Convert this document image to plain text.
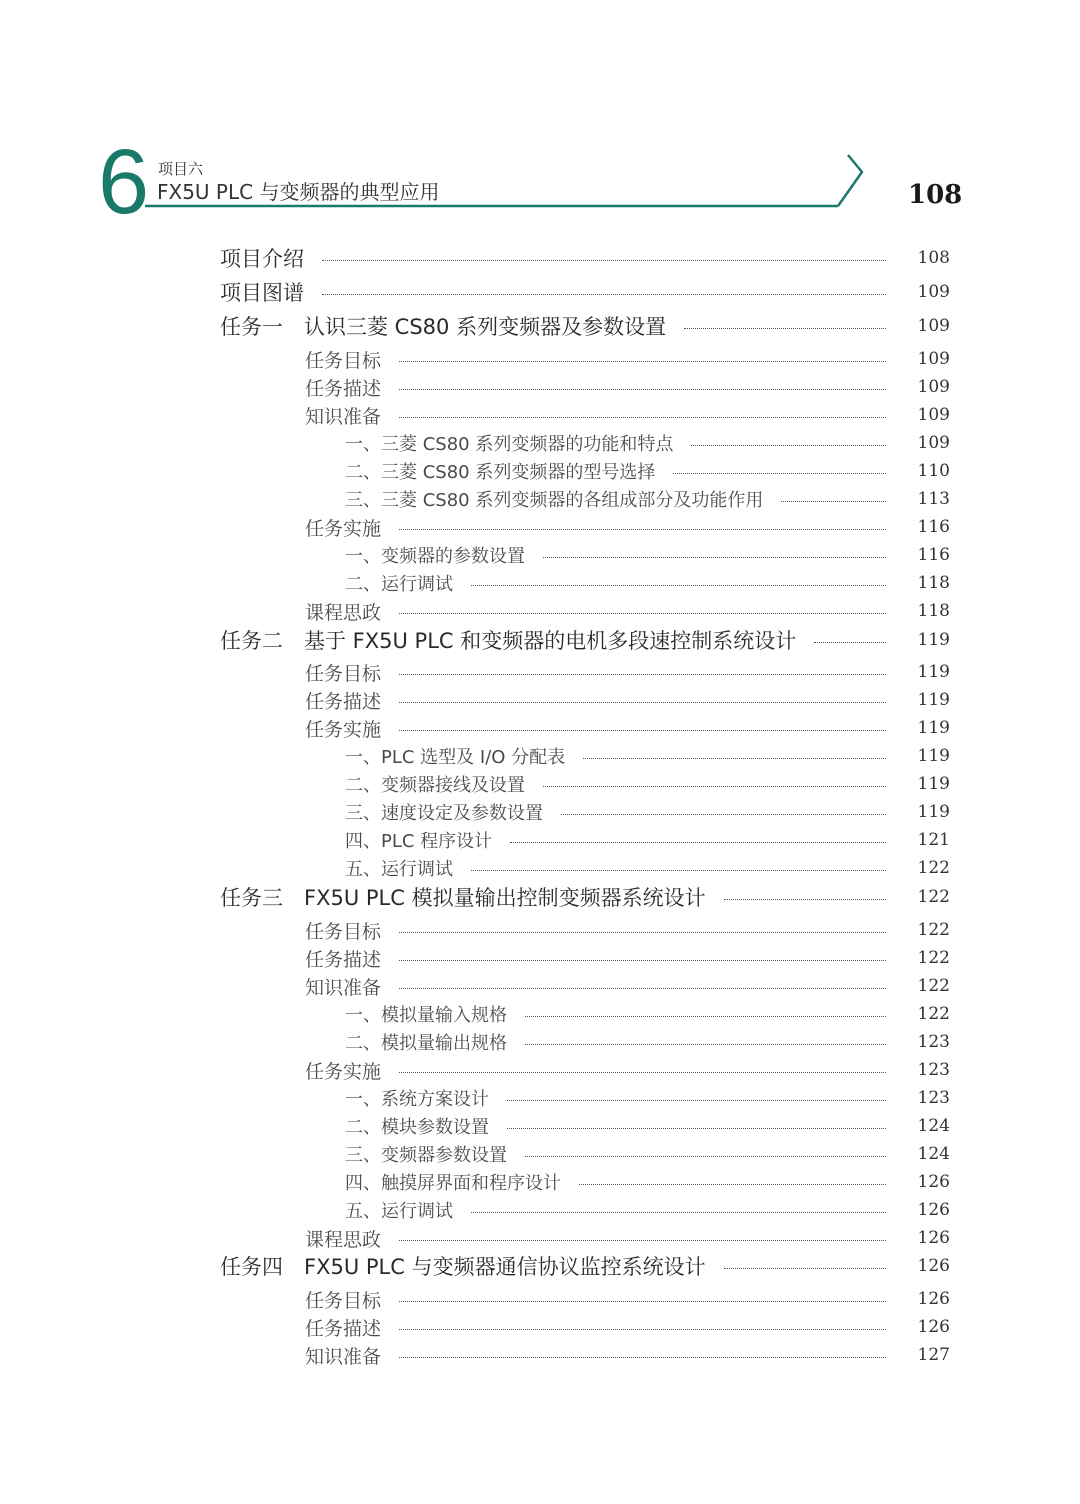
6 项目六
FX5U PLC 与变频器的典型应用	108
项目介绍	108
项目图谱	109
任务一 认识三菱 CS80 系列变频器及参数设置	109
任务目标	109
任务描述	109
知识准备	109
一、三菱 CS80 系列变频器的功能和特点	109
二、三菱 CS80 系列变频器的型号选择	110
三、三菱 CS80 系列变频器的各组成部分及功能作用	113
任务实施	116
一、变频器的参数设置	116
二、运行调试	118
课程思政	118
任务二 基于 FX5U PLC 和变频器的电机多段速控制系统设计	119
任务目标	119
任务描述	119
任务实施	119
一、PLC 选型及 I/O 分配表	119
二、变频器接线及设置	119
三、速度设定及参数设置	119
四、PLC 程序设计	121
五、运行调试	122
任务三 FX5U PLC 模拟量输出控制变频器系统设计	122
任务目标	122
任务描述	122
知识准备	122
一、模拟量输入规格	122
二、模拟量输出规格	123
任务实施	123
一、系统方案设计	123
二、模块参数设置	124
三、变频器参数设置	124
四、触摸屏界面和程序设计	126
五、运行调试	126
课程思政	126
任务四 FX5U PLC 与变频器通信协议监控系统设计	126
任务目标	126
任务描述	126
知识准备	127
